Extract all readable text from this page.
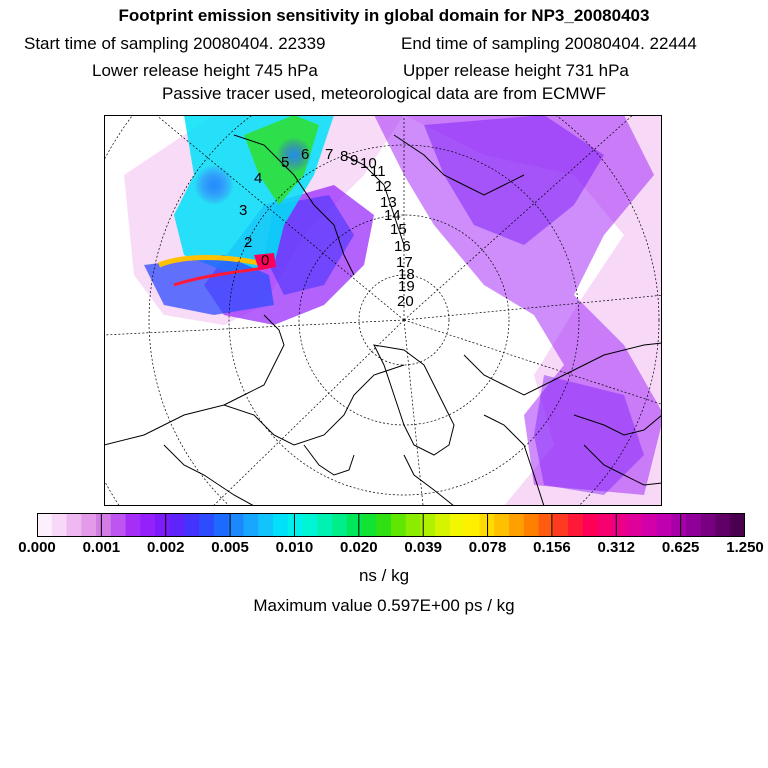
Footprint emission sensitivity in global domain for NP3_20080403
Start time of sampling 20080404. 22339	End time of sampling 20080404. 22444
Lower release height 745 hPa	Upper release height 731 hPa
Passive tracer used, meteorological data are from ECMWF
0
2
3
4
5 6 7 8 9 10
11
12
13
14
15
16
17
18
19
20
0.000 0.001 0.002 0.005 0.010 0.020 0.039 0.078 0.156 0.312 0.625 1.250
ns / kg
Maximum value 0.597E+00 ps / kg
